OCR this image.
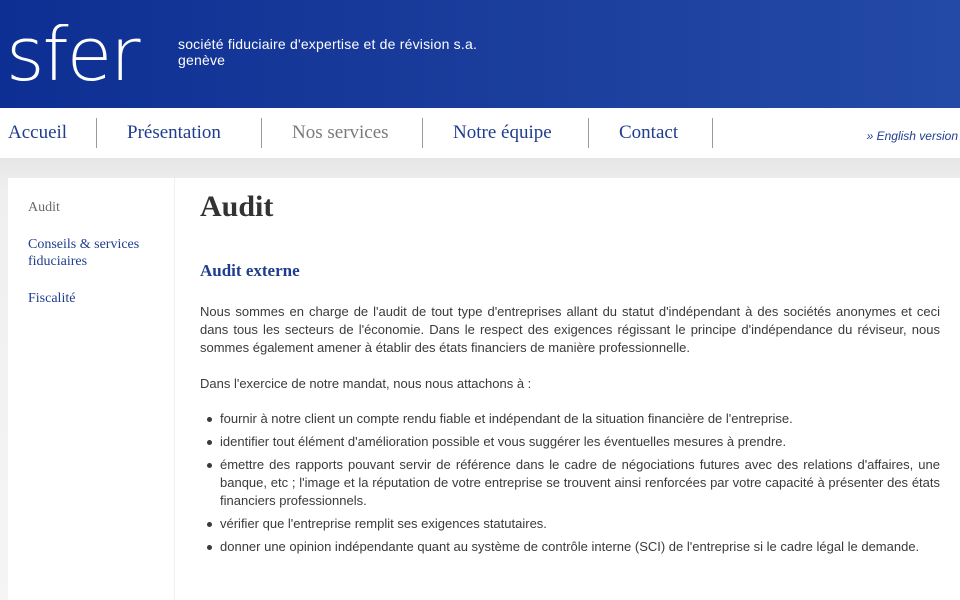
sfer	société fiduciaire d'expertise et de révision s.a.
genève
Accueil	Présentation	Nos services	Notre équipe	Contact	» English version
Audit
Conseils & services fiduciaires
Fiscalité
Audit
Audit externe

Nous sommes en charge de l'audit de tout type d'entreprises allant du statut d'indépendant à des sociétés anonymes et ceci dans tous les secteurs de l'économie. Dans le respect des exigences régissant le principe d'indépendance du réviseur, nous sommes également amener à établir des états financiers de manière professionnelle.

Dans l'exercice de notre mandat, nous nous attachons à :

fournir à notre client un compte rendu fiable et indépendant de la situation financière de l'entreprise.
identifier tout élément d'amélioration possible et vous suggérer les éventuelles mesures à prendre.
émettre des rapports pouvant servir de référence dans le cadre de négociations futures avec des relations d'affaires, une banque, etc ; l'image et la réputation de votre entreprise se trouvent ainsi renforcées par votre capacité à présenter des états financiers professionnels.
vérifier que l'entreprise remplit ses exigences statutaires.
donner une opinion indépendante quant au système de contrôle interne (SCI) de l'entreprise si le cadre légal le demande.
